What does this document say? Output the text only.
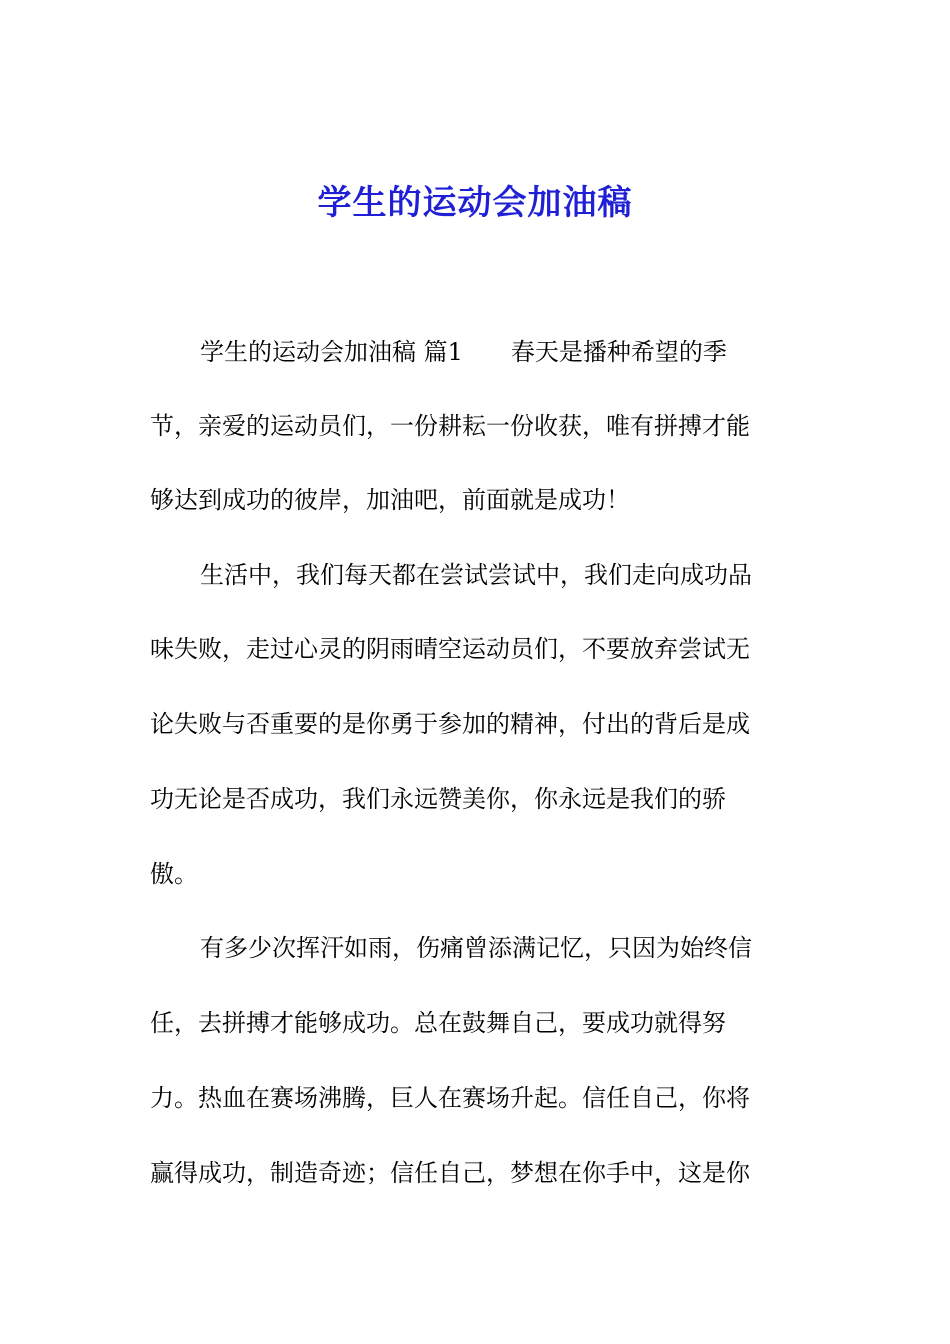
学生的运动会加油稿
学生的运动会加油稿 篇1　　春天是播种希望的季
节，亲爱的运动员们，一份耕耘一份收获，唯有拼搏才能
够达到成功的彼岸，加油吧，前面就是成功！
生活中，我们每天都在尝试尝试中，我们走向成功品
味失败，走过心灵的阴雨晴空运动员们，不要放弃尝试无
论失败与否重要的是你勇于参加的精神，付出的背后是成
功无论是否成功，我们永远赞美你，你永远是我们的骄
傲。
有多少次挥汗如雨，伤痛曾添满记忆，只因为始终信
任，去拼搏才能够成功。总在鼓舞自己，要成功就得努
力。热血在赛场沸腾，巨人在赛场升起。信任自己，你将
赢得成功，制造奇迹；信任自己，梦想在你手中，这是你
